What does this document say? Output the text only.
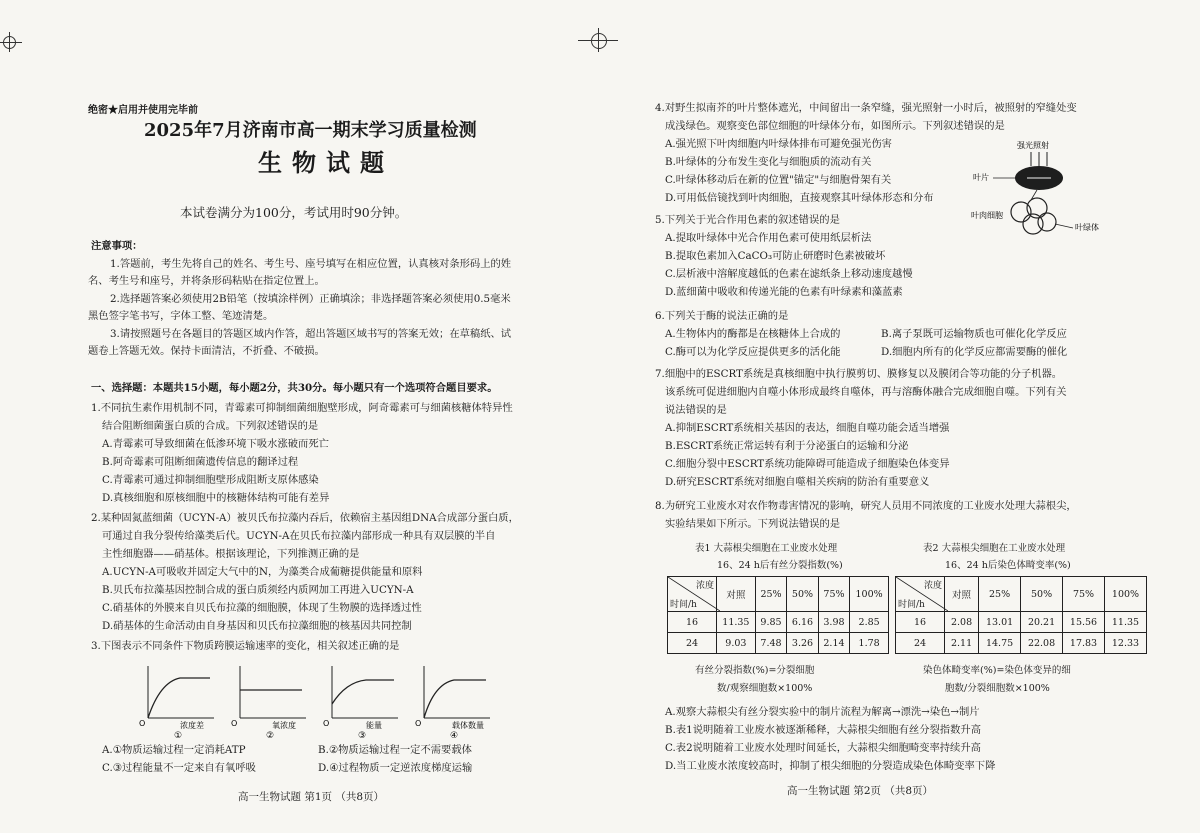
绝密★启用并使用完毕前
2025年7月济南市高一期末学习质量检测
生物试题
本试卷满分为100分，考试用时90分钟。
注意事项：
1.答题前，考生先将自己的姓名、考生号、座号填写在相应位置，认真核对条形码上的姓
名、考生号和座号，并将条形码粘贴在指定位置上。
2.选择题答案必须使用2B铅笔（按填涂样例）正确填涂；非选择题答案必须使用0.5毫米
黑色签字笔书写，字体工整、笔迹清楚。
3.请按照题号在各题目的答题区域内作答，超出答题区域书写的答案无效；在草稿纸、试
题卷上答题无效。保持卡面清洁，不折叠、不破损。
一、选择题：本题共15小题，每小题2分，共30分。每小题只有一个选项符合题目要求。
1.不同抗生素作用机制不同，青霉素可抑制细菌细胞壁形成，阿奇霉素可与细菌核糖体特异性
结合阻断细菌蛋白质的合成。下列叙述错误的是
A.青霉素可导致细菌在低渗环境下吸水涨破而死亡
B.阿奇霉素可阻断细菌遗传信息的翻译过程
C.青霉素可通过抑制细胞壁形成阻断支原体感染
D.真核细胞和原核细胞中的核糖体结构可能有差异
2.某种固氮蓝细菌（UCYN-A）被贝氏布拉藻内吞后，依赖宿主基因组DNA合成部分蛋白质，
可通过自我分裂传给藻类后代。UCYN-A在贝氏布拉藻内部形成一种具有双层膜的半自
主性细胞器——硝基体。根据该理论，下列推测正确的是
A.UCYN-A可吸收并固定大气中的N，为藻类合成葡糖提供能量和原料
B.贝氏布拉藻基因控制合成的蛋白质须经内质网加工再进入UCYN-A
C.硝基体的外膜来自贝氏布拉藻的细胞膜，体现了生物膜的选择透过性
D.硝基体的生命活动由自身基因和贝氏布拉藻细胞的核基因共同控制
3.下图表示不同条件下物质跨膜运输速率的变化，相关叙述正确的是
O	浓度差
①
O	氧浓度
②
O	能量
③
O	载体数量
④
A.①物质运输过程一定消耗ATP	B.②物质运输过程一定不需要载体
C.③过程能量不一定来自有氧呼吸	D.④过程物质一定逆浓度梯度运输
高一生物试题 第1页 （共8页）
4.对野生拟南芥的叶片整体遮光，中间留出一条窄缝，强光照射一小时后，被照射的窄缝处变
成浅绿色。观察变色部位细胞的叶绿体分布，如图所示。下列叙述错误的是
A.强光照下叶肉细胞内叶绿体排布可避免强光伤害
B.叶绿体的分布发生变化与细胞质的流动有关
C.叶绿体移动后在新的位置"锚定"与细胞骨架有关
D.可用低倍镜找到叶肉细胞，直接观察其叶绿体形态和分布
强光照射
叶片
叶肉细胞
叶绿体
5.下列关于光合作用色素的叙述错误的是
A.提取叶绿体中光合作用色素可使用纸层析法
B.提取色素加入CaCO₃可防止研磨时色素被破坏
C.层析液中溶解度越低的色素在滤纸条上移动速度越慢
D.蓝细菌中吸收和传递光能的色素有叶绿素和藻蓝素
6.下列关于酶的说法正确的是
A.生物体内的酶都是在核糖体上合成的	B.离子泵既可运输物质也可催化化学反应
C.酶可以为化学反应提供更多的活化能	D.细胞内所有的化学反应都需要酶的催化
7.细胞中的ESCRT系统是真核细胞中执行膜剪切、膜修复以及膜闭合等功能的分子机器。
该系统可促进细胞内自噬小体形成最终自噬体，再与溶酶体融合完成细胞自噬。下列有关
说法错误的是
A.抑制ESCRT系统相关基因的表达，细胞自噬功能会适当增强
B.ESCRT系统正常运转有利于分泌蛋白的运输和分泌
C.细胞分裂中ESCRT系统功能障碍可能造成子细胞染色体变异
D.研究ESCRT系统对细胞自噬相关疾病的防治有重要意义
8.为研究工业废水对农作物毒害情况的影响，研究人员用不同浓度的工业废水处理大蒜根尖，
实验结果如下所示。下列说法错误的是
表1 大蒜根尖细胞在工业废水处理
16、24 h后有丝分裂指数(%)
浓度
时间/h	对照	25%	50%	75%	100%
16	11.35	9.85	6.16	3.98	2.85
24	9.03	7.48	3.26	2.14	1.78
有丝分裂指数(%)=分裂细胞
数/观察细胞数×100%
表2 大蒜根尖细胞在工业废水处理
16、24 h后染色体畸变率(%)
浓度
时间/h	对照	25%	50%	75%	100%
16	2.08	13.01	20.21	15.56	11.35
24	2.11	14.75	22.08	17.83	12.33
染色体畸变率(%)=染色体变异的细
胞数/分裂细胞数×100%
A.观察大蒜根尖有丝分裂实验中的制片流程为解离→漂洗→染色→制片
B.表1说明随着工业废水被逐渐稀释，大蒜根尖细胞有丝分裂指数升高
C.表2说明随着工业废水处理时间延长，大蒜根尖细胞畸变率持续升高
D.当工业废水浓度较高时，抑制了根尖细胞的分裂造成染色体畸变率下降
高一生物试题 第2页 （共8页）
